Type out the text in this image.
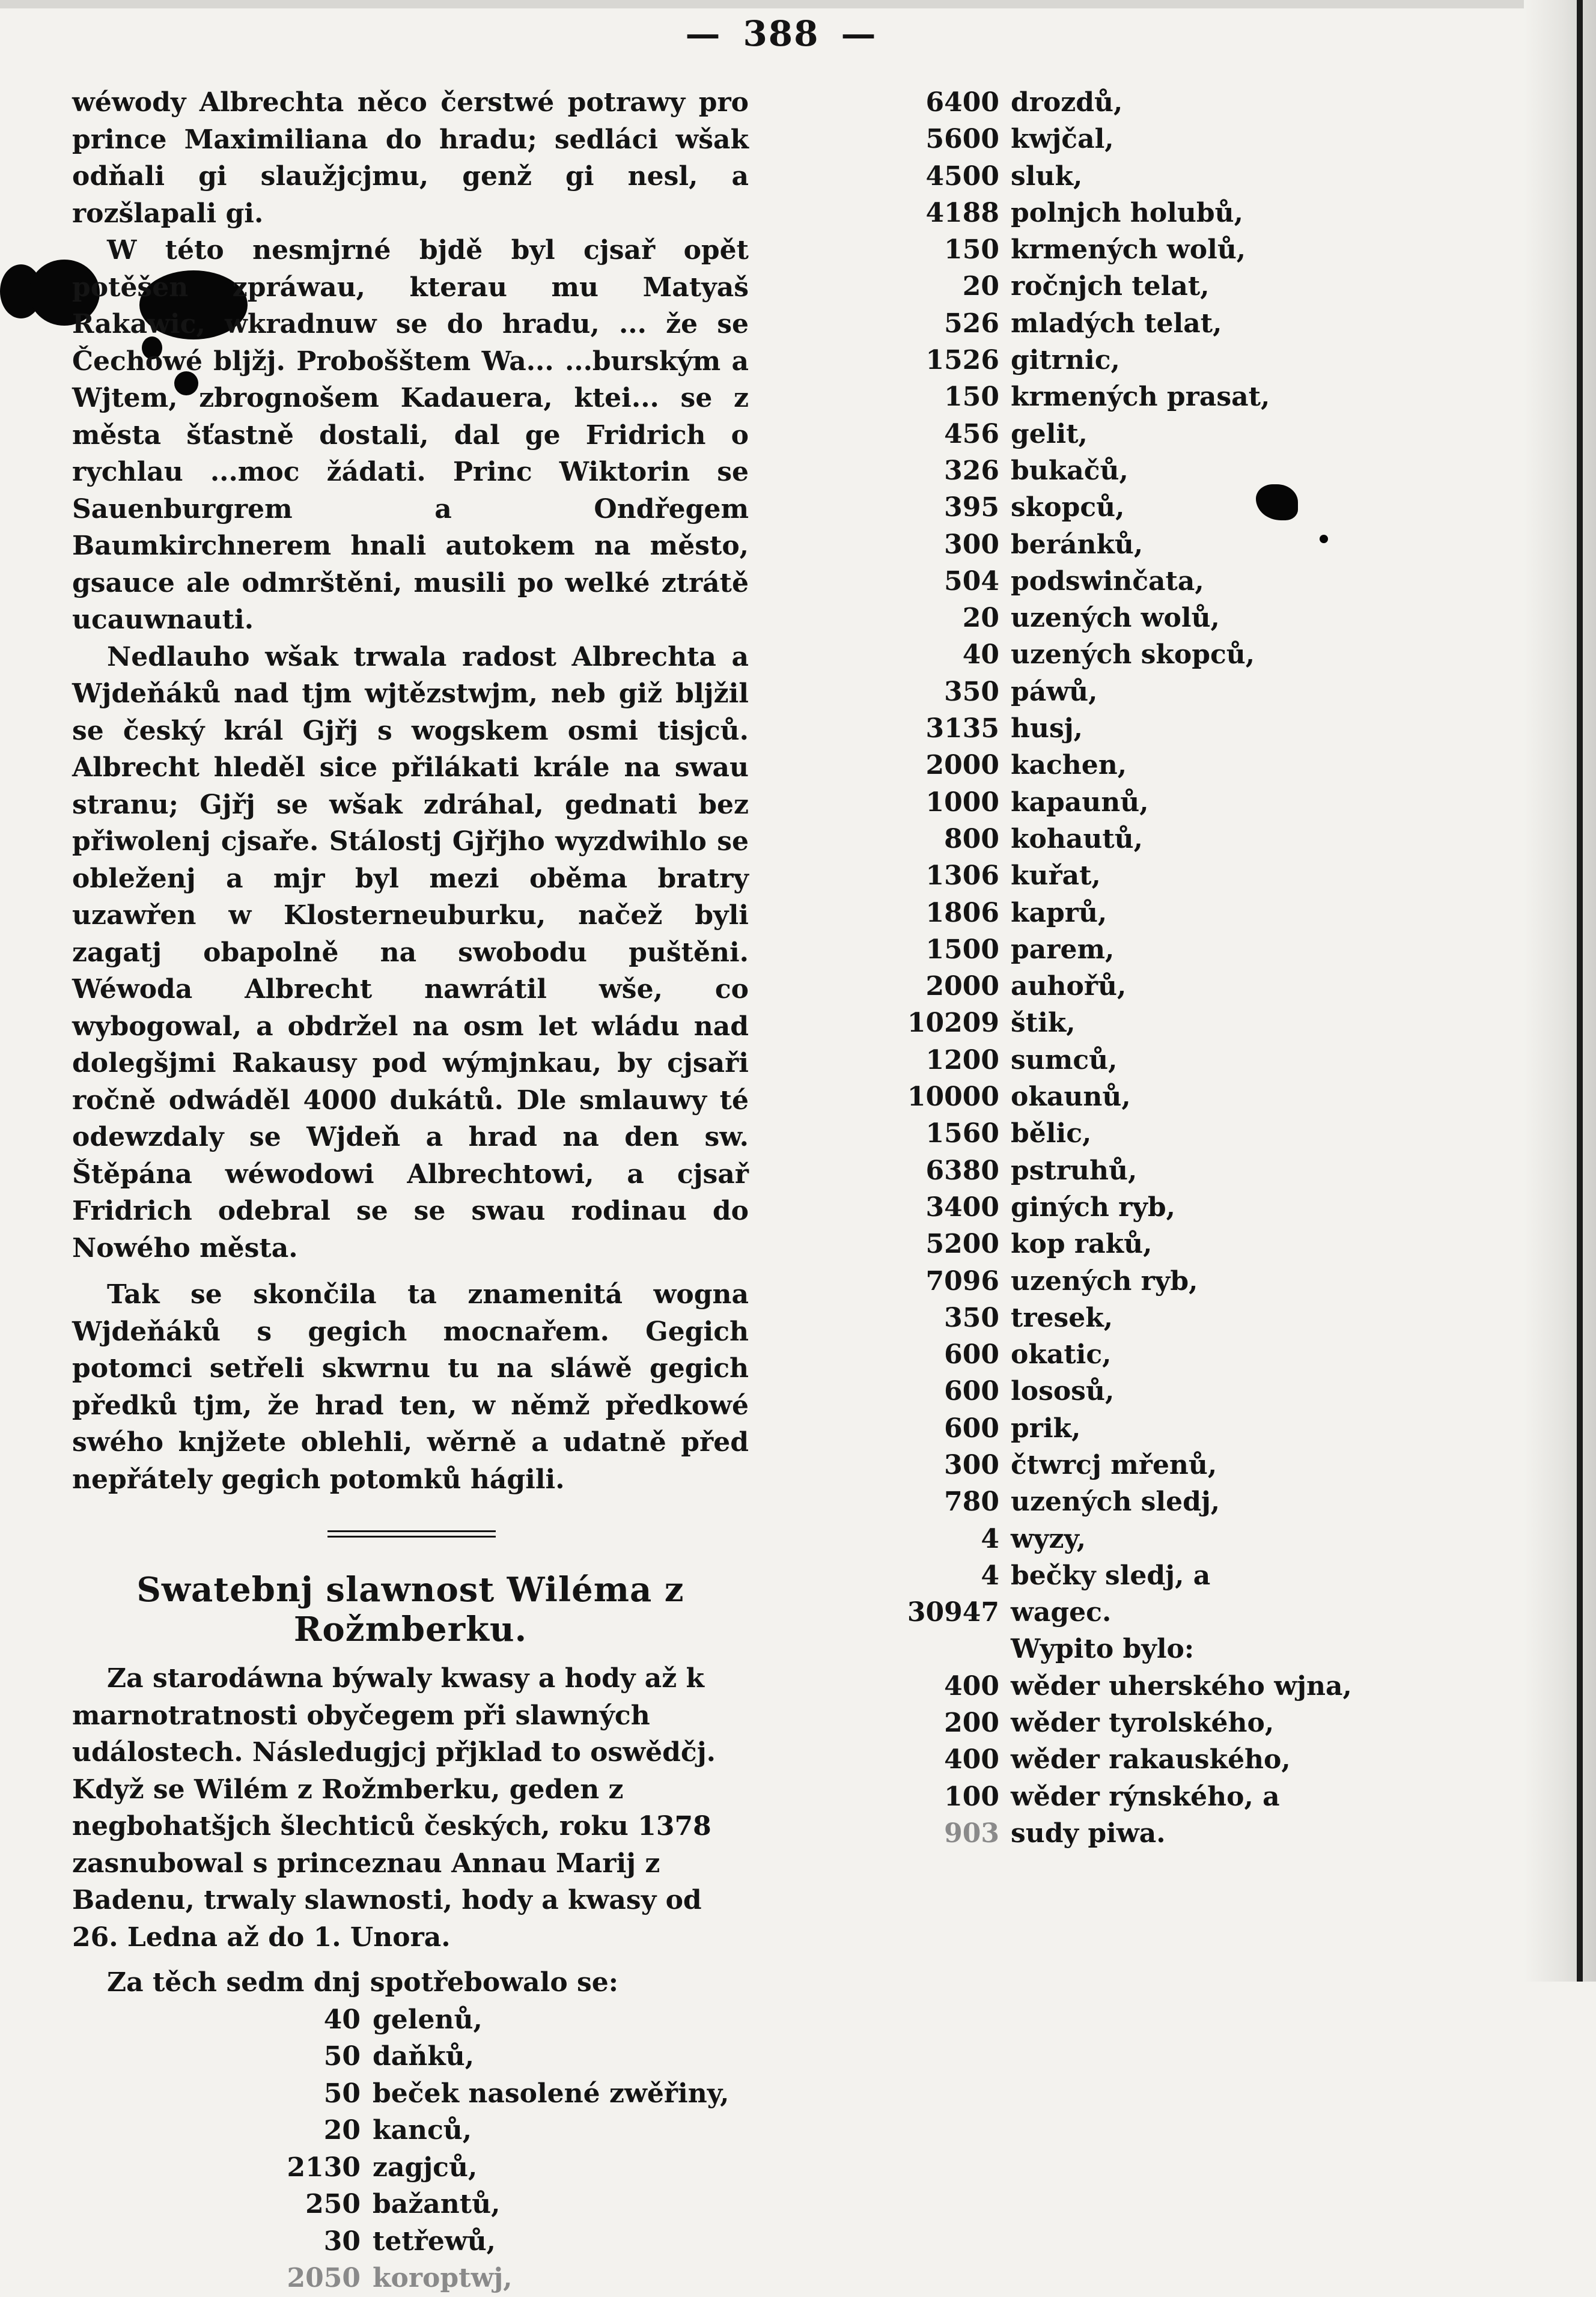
— 388 —

wéwody Albrechta něco čerstwé potrawy pro prince Maximiliana do hradu; sedláci wšak odňali gi slaužjcjmu, genž gi nesl, a rozšlapali gi.

W této nesmjrné bjdě byl cjsař opět potěšen zpráwau, kterau mu Matyaš Rakawic, wkradnuw se do hradu, ... že se Čechowé bljžj. Probošštem Wa... ...burským a Wjtem, zbrognošem Kadauera, ktei... se z města šťastně dostali, dal ge Fridrich o rychlau ...moc žádati. Princ Wiktorin se Sauenburgrem a Ondřegem Baumkirchnerem hnali autokem na město, gsauce ale odmrštěni, musili po welké ztrátě ucauwnauti.

Nedlauho wšak trwala radost Albrechta a Wjdeňáků nad tjm wjtězstwjm, neb giž bljžil se český král Gjřj s wogskem osmi tisjců. Albrecht hleděl sice přilákati krále na swau stranu; Gjřj se wšak zdráhal, gednati bez přiwolenj cjsaře. Stálostj Gjřjho wyzdwihlo se obleženj a mjr byl mezi oběma bratry uzawřen w Klosterneuburku, načež byli zagatj obapolně na swobodu puštěni. Wéwoda Albrecht nawrátil wše, co wybogowal, a obdržel na osm let wládu nad dolegšjmi Rakausy pod wýmjnkau, by cjsaři ročně odwáděl 4000 dukátů. Dle smlauwy té odewzdaly se Wjdeň a hrad na den sw. Štěpána wéwodowi Albrechtowi, a cjsař Fridrich odebral se se swau rodinau do Nowého města.

Tak se skončila ta znamenitá wogna Wjdeňáků s gegich mocnařem. Gegich potomci setřeli skwrnu tu na sláwě gegich předků tjm, že hrad ten, w němž předkowé swého knjžete oblehli, wěrně a udatně před nepřátely gegich potomků hágili.

Swatebnj slawnost Wiléma z Rožmberku.

Za starodáwna býwaly kwasy a hody až k marnotratnosti obyčegem při slawných událostech. Následugjcj přjklad to oswědčj. Když se Wilém z Rožmberku, geden z negbohatšjch šlechticů českých, roku 1378 zasnubowal s princeznau Annau Marij z Badenu, trwaly slawnosti, hody a kwasy od 26. Ledna až do 1. Unora.

Za těch sedm dnj spotřebowalo se:

40 gelenů,
50 daňků,
50 beček nasolené zwěřiny,
20 kanců,
2130 zagjců,
250 bažantů,
30 tetřewů,
2050 koroptwj,
6400 drozdů,
5600 kwjčal,
4500 sluk,
4188 polnjch holubů,
150 krmených wolů,
20 ročnjch telat,
526 mladých telat,
1526 gitrnic,
150 krmených prasat,
456 gelit,
326 bukačů,
395 skopců,
300 beránků,
504 podswinčata,
20 uzených wolů,
40 uzených skopců,
350 páwů,
3135 husj,
2000 kachen,
1000 kapaunů,
800 kohautů,
1306 kuřat,
1806 kaprů,
1500 parem,
2000 auhořů,
10209 štik,
1200 sumců,
10000 okaunů,
1560 bělic,
6380 pstruhů,
3400 giných ryb,
5200 kop raků,
7096 uzených ryb,
350 tresek,
600 okatic,
600 lososů,
600 prik,
300 čtwrcj mřenů,
780 uzených sledj,
4 wyzy,
4 bečky sledj, a
30947 wagec.
Wypito bylo:
400 wěder uherského wjna,
200 wěder tyrolského,
400 wěder rakauského,
100 wěder rýnského, a
903 sudy piwa.
